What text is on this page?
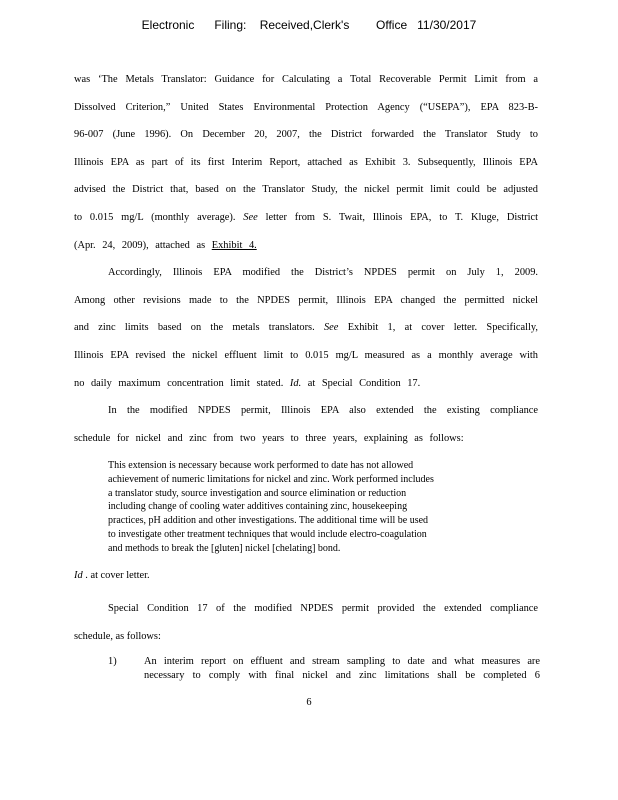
Electronic      Filing:    Received,Clerk's        Office   11/30/2017
was ‘The Metals Translator: Guidance for Calculating a Total Recoverable Permit Limit from a
Dissolved Criterion,” United States Environmental Protection Agency (“USEPA”), EPA 823-B-
96-007 (June 1996). On December 20, 2007, the District forwarded the Translator Study to
Illinois EPA as part of its first Interim Report, attached as Exhibit 3. Subsequently, Illinois EPA
advised the District that, based on the Translator Study, the nickel permit limit could be adjusted
to 0.015 mg/L (monthly average). See letter from S. Twait, Illinois EPA, to T. Kluge, District
(Apr. 24, 2009), attached as Exhibit 4.
Accordingly, Illinois EPA modified the District’s NPDES permit on July 1, 2009.
Among other revisions made to the NPDES permit, Illinois EPA changed the permitted nickel
and zinc limits based on the metals translators. See Exhibit 1, at cover letter. Specifically,
Illinois EPA revised the nickel effluent limit to 0.015 mg/L measured as a monthly average with
no daily maximum concentration limit stated. Id. at Special Condition 17.
In the modified NPDES permit, Illinois EPA also extended the existing compliance
schedule for nickel and zinc from two years to three years, explaining as follows:
This extension is necessary because work performed to date has not allowed
achievement of numeric limitations for nickel and zinc. Work performed includes
a translator study, source investigation and source elimination or reduction
including change of cooling water additives containing zinc, housekeeping
practices, pH addition and other investigations. The additional time will be used
to investigate other treatment techniques that would include electro-coagulation
and methods to break the [gluten] nickel [chelating] bond.
Id . at cover letter.
Special Condition 17 of the modified NPDES permit provided the extended compliance
schedule, as follows:
1)	An interim report on effluent and stream sampling to date and what measures are
necessary to comply with final nickel and zinc limitations shall be completed 6
6
